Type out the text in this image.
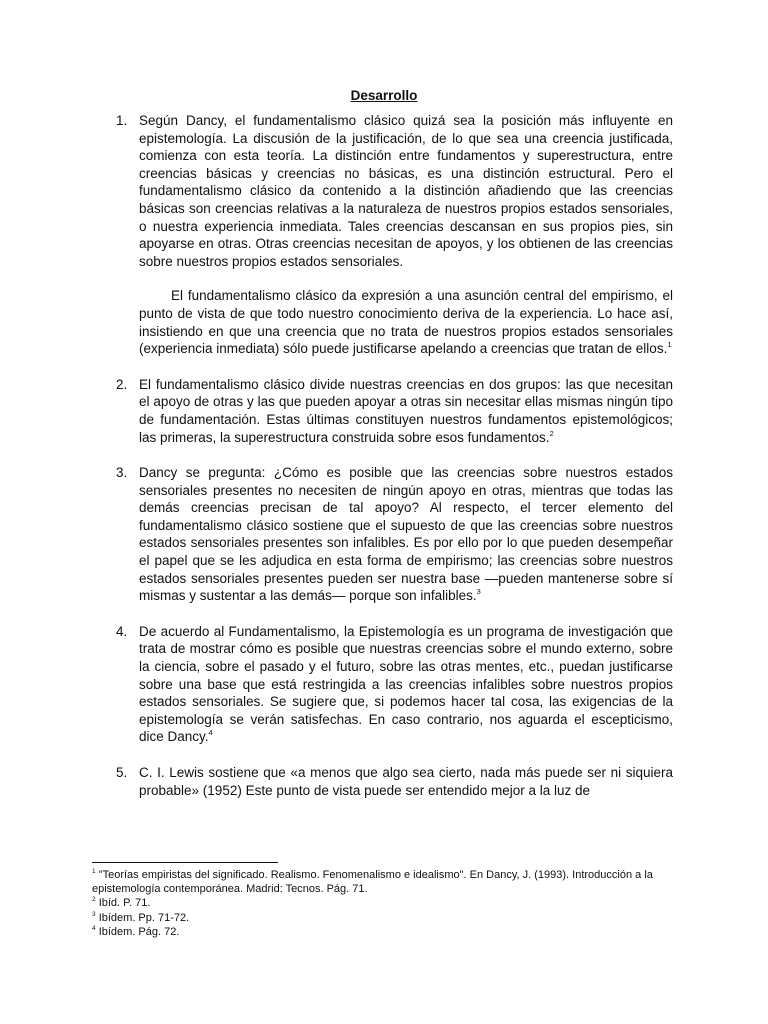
Desarrollo
1. Según Dancy, el fundamentalismo clásico quizá sea la posición más influyente en epistemología. La discusión de la justificación, de lo que sea una creencia justificada, comienza con esta teoría. La distinción entre fundamentos y superestructura, entre creencias básicas y creencias no básicas, es una distinción estructural. Pero el fundamentalismo clásico da contenido a la distinción añadiendo que las creencias básicas son creencias relativas a la naturaleza de nuestros propios estados sensoriales, o nuestra experiencia inmediata. Tales creencias descansan en sus propios pies, sin apoyarse en otras. Otras creencias necesitan de apoyos, y los obtienen de las creencias sobre nuestros propios estados sensoriales.

El fundamentalismo clásico da expresión a una asunción central del empirismo, el punto de vista de que todo nuestro conocimiento deriva de la experiencia. Lo hace así, insistiendo en que una creencia que no trata de nuestros propios estados sensoriales (experiencia inmediata) sólo puede justificarse apelando a creencias que tratan de ellos.$^1$

2. El fundamentalismo clásico divide nuestras creencias en dos grupos: las que necesitan el apoyo de otras y las que pueden apoyar a otras sin necesitar ellas mismas ningún tipo de fundamentación. Estas últimas constituyen nuestros fundamentos epistemológicos; las primeras, la superestructura construida sobre esos fundamentos.$^2$

3. Dancy se pregunta: ¿Cómo es posible que las creencias sobre nuestros estados sensoriales presentes no necesiten de ningún apoyo en otras, mientras que todas las demás creencias precisan de tal apoyo? Al respecto, el tercer elemento del fundamentalismo clásico sostiene que el supuesto de que las creencias sobre nuestros estados sensoriales presentes son infalibles. Es por ello por lo que pueden desempeñar el papel que se les adjudica en esta forma de empirismo; las creencias sobre nuestros estados sensoriales presentes pueden ser nuestra base —pueden mantenerse sobre sí mismas y sustentar a las demás— porque son infalibles.$^3$

4. De acuerdo al Fundamentalismo, la Epistemología es un programa de investigación que trata de mostrar cómo es posible que nuestras creencias sobre el mundo externo, sobre la ciencia, sobre el pasado y el futuro, sobre las otras mentes, etc., puedan justificarse sobre una base que está restringida a las creencias infalibles sobre nuestros propios estados sensoriales. Se sugiere que, si podemos hacer tal cosa, las exigencias de la epistemología se verán satisfechas. En caso contrario, nos aguarda el escepticismo, dice Dancy.$^4$

5. C. I. Lewis sostiene que «a menos que algo sea cierto, nada más puede ser ni siquiera probable» (1952) Este punto de vista puede ser entendido mejor a la luz de

$^1$ "Teorías empiristas del significado. Realismo. Fenomenalismo e idealismo". En Dancy, J. (1993). Introducción a la epistemología contemporánea. Madrid: Tecnos. Pág. 71.

$^2$ Ibíd. P. 71.

$^3$ Ibídem. Pp. 71-72.

$^4$ Ibídem. Pág. 72.
